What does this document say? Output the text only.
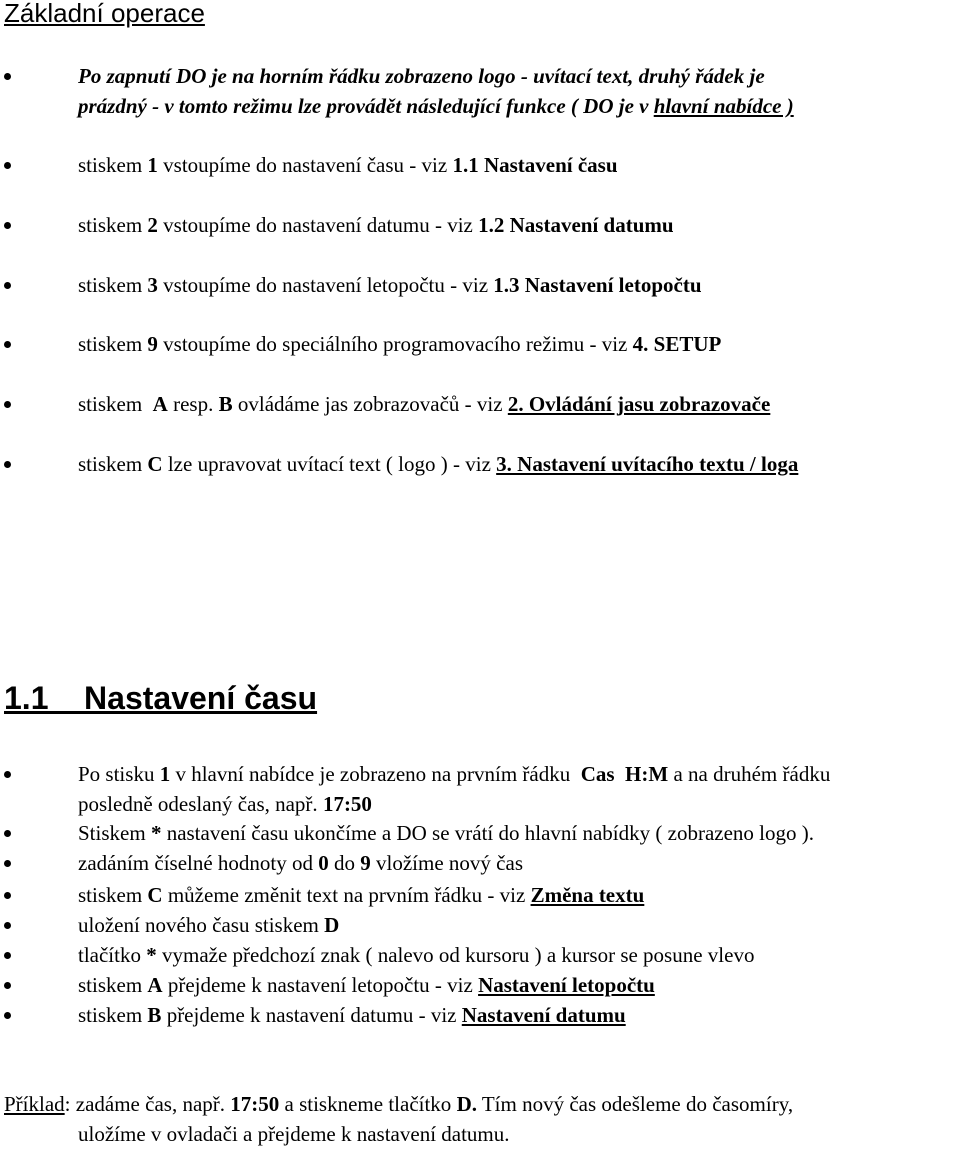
Základní operace
Po zapnutí DO je na horním řádku zobrazeno logo - uvítací text, druhý řádek je
prázdný - v tomto režimu lze provádět následující funkce ( DO je v hlavní nabídce )
stiskem 1 vstoupíme do nastavení času - viz 1.1 Nastavení času
stiskem 2 vstoupíme do nastavení datumu - viz 1.2 Nastavení datumu
stiskem 3 vstoupíme do nastavení letopočtu - viz 1.3 Nastavení letopočtu
stiskem 9 vstoupíme do speciálního programovacího režimu - viz 4. SETUP
stiskem  A resp. B ovládáme jas zobrazovačů - viz 2. Ovládání jasu zobrazovače
stiskem C lze upravovat uvítací text ( logo ) - viz 3. Nastavení uvítacího textu / loga
1.1    Nastavení času
Po stisku 1 v hlavní nabídce je zobrazeno na prvním řádku  Cas  H:M a na druhém řádku
posledně odeslaný čas, např. 17:50
Stiskem * nastavení času ukončíme a DO se vrátí do hlavní nabídky ( zobrazeno logo ).
zadáním číselné hodnoty od 0 do 9 vložíme nový čas
stiskem C můžeme změnit text na prvním řádku - viz Změna textu
uložení nového času stiskem D
tlačítko * vymaže předchozí znak ( nalevo od kursoru ) a kursor se posune vlevo
stiskem A přejdeme k nastavení letopočtu - viz Nastavení letopočtu
stiskem B přejdeme k nastavení datumu - viz Nastavení datumu
Příklad: zadáme čas, např. 17:50 a stiskneme tlačítko D. Tím nový čas odešleme do časomíry,

uložíme v ovladači a přejdeme k nastavení datumu.
